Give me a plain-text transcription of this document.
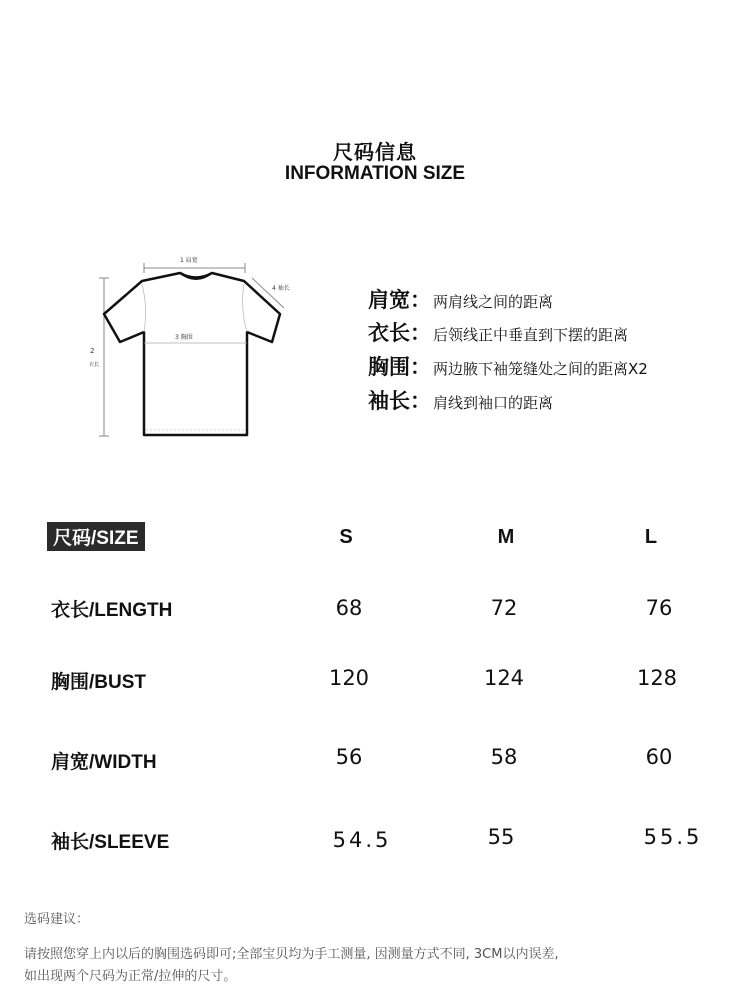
尺码信息
INFORMATION SIZE
1 肩宽
2
衣长
4 袖长
3 胸围
肩宽： 两肩线之间的距离
衣长： 后领线正中垂直到下摆的距离
胸围： 两边腋下袖笼缝处之间的距离X2
袖长： 肩线到袖口的距离
尺码/SIZE	S	M	L
衣长/LENGTH	68	72	76
胸围/BUST	120	124	128
肩宽/WIDTH	56	58	60
袖长/SLEEVE	54.5	55	55.5
选码建议：
请按照您穿上内以后的胸围选码即可;全部宝贝均为手工测量, 因测量方式不同, 3CM以内误差,
如出现两个尺码为正常/拉伸的尺寸。
